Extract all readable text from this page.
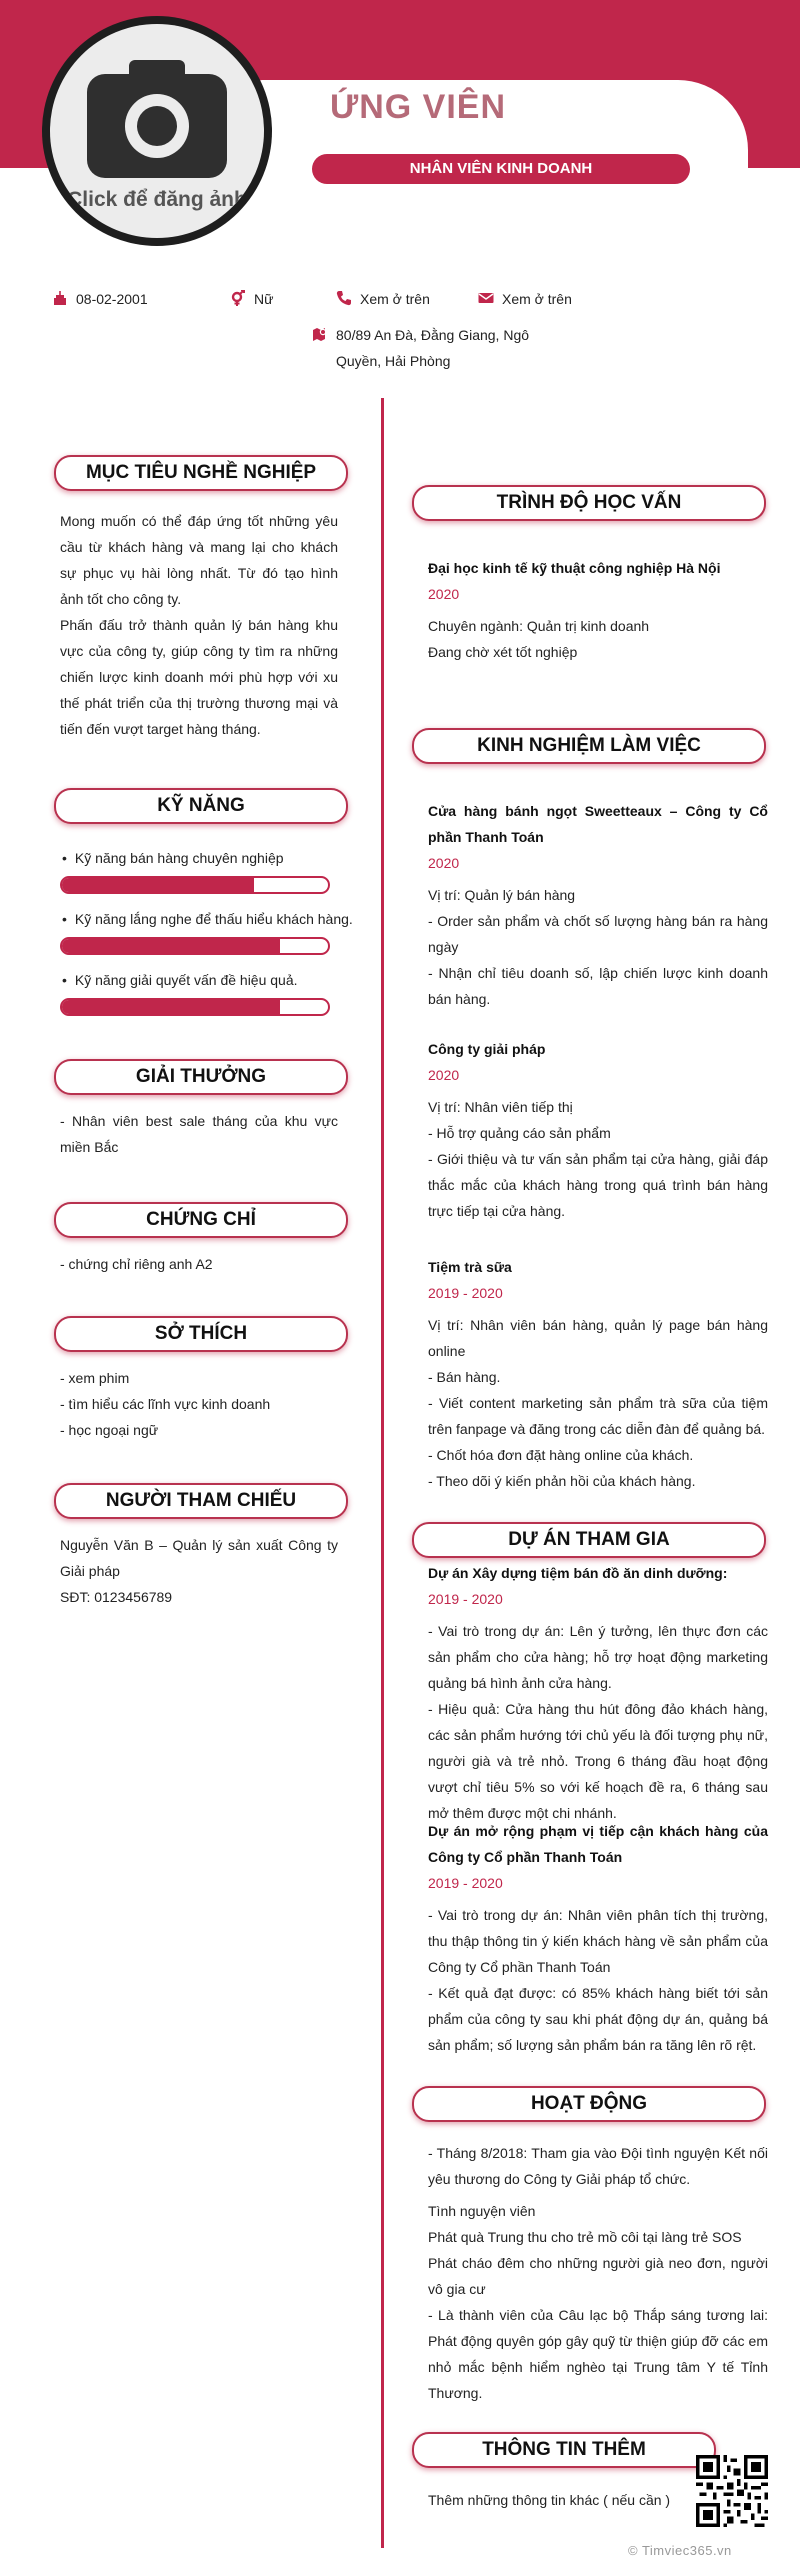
Click để đăng ảnh
ỨNG VIÊN
NHÂN VIÊN KINH DOANH
08-02-2001	Nữ	Xem ở trên	Xem ở trên
80/89 An Đà, Đằng Giang, Ngô
Quyền, Hải Phòng
MỤC TIÊU NGHỀ NGHIỆP

Mong muốn có thể đáp ứng tốt những yêu cầu từ khách hàng và mang lại cho khách sự phục vụ hài lòng nhất. Từ đó tạo hình ảnh tốt cho công ty.

Phấn đấu trở thành quản lý bán hàng khu vực của công ty, giúp công ty tìm ra những chiến lược kinh doanh mới phù hợp với xu thế phát triển của thị trường thương mại và tiến đến vượt target hàng tháng.

KỸ NĂNG
• Kỹ năng bán hàng chuyên nghiệp
• Kỹ năng lắng nghe để thấu hiểu khách hàng.
• Kỹ năng giải quyết vấn đề hiệu quả.
GIẢI THƯỞNG
- Nhân viên best sale tháng của khu vực miền Bắc
CHỨNG CHỈ
- chứng chỉ riêng anh A2
SỞ THÍCH

- xem phim

- tìm hiểu các lĩnh vực kinh doanh

- học ngoại ngữ

NGƯỜI THAM CHIẾU

Nguyễn Văn B – Quản lý sản xuất Công ty Giải pháp

SĐT: 0123456789

TRÌNH ĐỘ HỌC VẤN

Đại học kinh tế kỹ thuật công nghiệp Hà Nội

2020

Chuyên ngành: Quản trị kinh doanh

Đang chờ xét tốt nghiệp

KINH NGHIỆM LÀM VIỆC

Cửa hàng bánh ngọt Sweetteaux – Công ty Cổ phần Thanh Toán

2020

Vị trí: Quản lý bán hàng

- Order sản phẩm và chốt số lượng hàng bán ra hàng ngày

- Nhận chỉ tiêu doanh số, lập chiến lược kinh doanh bán hàng.

Công ty giải pháp

2020

Vị trí: Nhân viên tiếp thị

- Hỗ trợ quảng cáo sản phẩm

- Giới thiệu và tư vấn sản phẩm tại cửa hàng, giải đáp thắc mắc của khách hàng trong quá trình bán hàng trực tiếp tại cửa hàng.

Tiệm trà sữa

2019 - 2020

Vị trí: Nhân viên bán hàng, quản lý page bán hàng online

- Bán hàng.

- Viết content marketing sản phẩm trà sữa của tiệm trên fanpage và đăng trong các diễn đàn để quảng bá.

- Chốt hóa đơn đặt hàng online của khách.

- Theo dõi ý kiến phản hồi của khách hàng.

DỰ ÁN THAM GIA

Dự án Xây dựng tiệm bán đồ ăn dinh dưỡng:

2019 - 2020

- Vai trò trong dự án: Lên ý tưởng, lên thực đơn các sản phẩm cho cửa hàng; hỗ trợ hoạt động marketing quảng bá hình ảnh cửa hàng.

- Hiệu quả: Cửa hàng thu hút đông đảo khách hàng, các sản phẩm hướng tới chủ yếu là đối tượng phụ nữ, người già và trẻ nhỏ. Trong 6 tháng đầu hoạt động vượt chỉ tiêu 5% so với kế hoạch đề ra, 6 tháng sau mở thêm được một chi nhánh.

Dự án mở rộng phạm vị tiếp cận khách hàng của Công ty Cổ phần Thanh Toán

2019 - 2020

- Vai trò trong dự án: Nhân viên phân tích thị trường, thu thập thông tin ý kiến khách hàng về sản phẩm của Công ty Cổ phần Thanh Toán

- Kết quả đạt được: có 85% khách hàng biết tới sản phẩm của công ty sau khi phát động dự án, quảng bá sản phẩm; số lượng sản phẩm bán ra tăng lên rõ rệt.

HOẠT ĐỘNG

- Tháng 8/2018: Tham gia vào Đội tình nguyện Kết nối yêu thương do Công ty Giải pháp tổ chức.

Tình nguyện viên

Phát quà Trung thu cho trẻ mồ côi tại làng trẻ SOS

Phát cháo đêm cho những người già neo đơn, người vô gia cư

- Là thành viên của Câu lạc bộ Thắp sáng tương lai: Phát động quyên góp gây quỹ từ thiện giúp đỡ các em nhỏ mắc bệnh hiểm nghèo tại Trung tâm Y tế Tỉnh Thương.

THÔNG TIN THÊM
Thêm những thông tin khác ( nếu cần )
© Timviec365.vn
